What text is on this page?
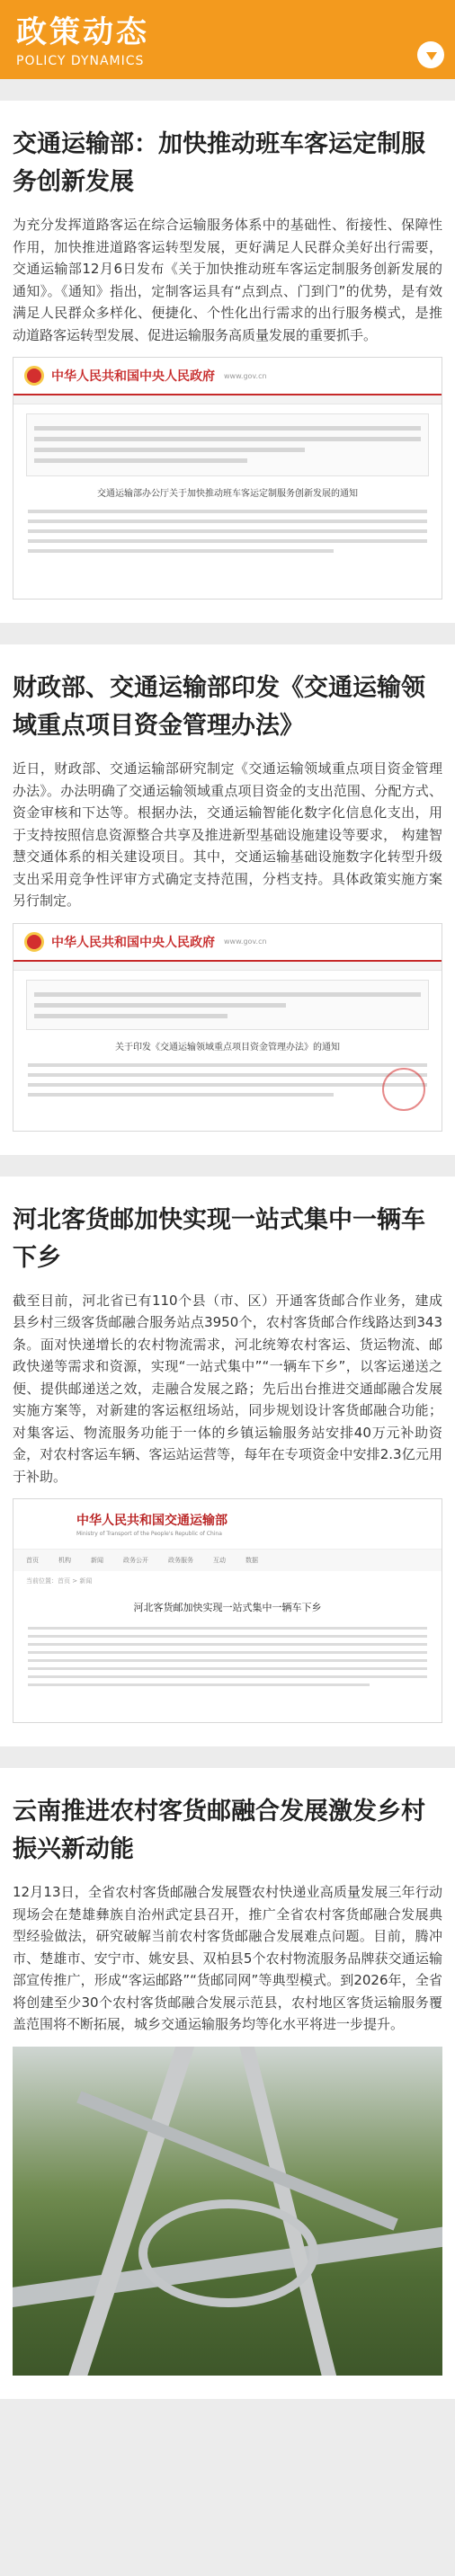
政策动态
POLICY DYNAMICS
交通运输部：加快推动班车客运定制服务创新发展
为充分发挥道路客运在综合运输服务体系中的基础性、衔接性、保障性作用，加快推进道路客运转型发展，更好满足人民群众美好出行需要，交通运输部12月6日发布《关于加快推动班车客运定制服务创新发展的通知》。《通知》指出，定制客运具有“点到点、门到门”的优势，是有效满足人民群众多样化、便捷化、个性化出行需求的出行服务模式，是推动道路客运转型发展、促进运输服务高质量发展的重要抓手。
中华人民共和国中央人民政府 www.gov.cn
交通运输部办公厅关于加快推动班车客运定制服务创新发展的通知
财政部、交通运输部印发《交通运输领域重点项目资金管理办法》
近日，财政部、交通运输部研究制定《交通运输领域重点项目资金管理办法》。办法明确了交通运输领域重点项目资金的支出范围、分配方式、资金审核和下达等。根据办法，交通运输智能化数字化信息化支出，用于支持按照信息资源整合共享及推进新型基础设施建设等要求， 构建智慧交通体系的相关建设项目。其中，交通运输基础设施数字化转型升级支出采用竞争性评审方式确定支持范围，分档支持。具体政策实施方案另行制定。
中华人民共和国中央人民政府 www.gov.cn
关于印发《交通运输领域重点项目资金管理办法》的通知
河北客货邮加快实现一站式集中一辆车下乡
截至目前，河北省已有110个县（市、区）开通客货邮合作业务，建成县乡村三级客货邮融合服务站点3950个，农村客货邮合作线路达到343条。面对快递增长的农村物流需求，河北统筹农村客运、货运物流、邮政快递等需求和资源，实现“一站式集中”“一辆车下乡”，以客运递送之便、提供邮递送之效，走融合发展之路；先后出台推进交通邮融合发展实施方案等，对新建的客运枢纽场站，同步规划设计客货邮融合功能；对集客运、物流服务功能于一体的乡镇运输服务站安排40万元补助资金，对农村客运车辆、客运站运营等，每年在专项资金中安排2.3亿元用于补助。
中华人民共和国交通运输部
Ministry of Transport of the People's Republic of China
首页	机构	新闻	政务公开	政务服务	互动	数据
当前位置：首页 > 新闻
河北客货邮加快实现一站式集中一辆车下乡
云南推进农村客货邮融合发展激发乡村振兴新动能
12月13日，全省农村客货邮融合发展暨农村快递业高质量发展三年行动现场会在楚雄彝族自治州武定县召开，推广全省农村客货邮融合发展典型经验做法，研究破解当前农村客货邮融合发展难点问题。目前，腾冲市、楚雄市、安宁市、姚安县、双柏县5个农村物流服务品牌获交通运输部宣传推广，形成“客运邮路”“货邮同网”等典型模式。到2026年，全省将创建至少30个农村客货邮融合发展示范县，农村地区客货运输服务覆盖范围将不断拓展，城乡交通运输服务均等化水平将进一步提升。
